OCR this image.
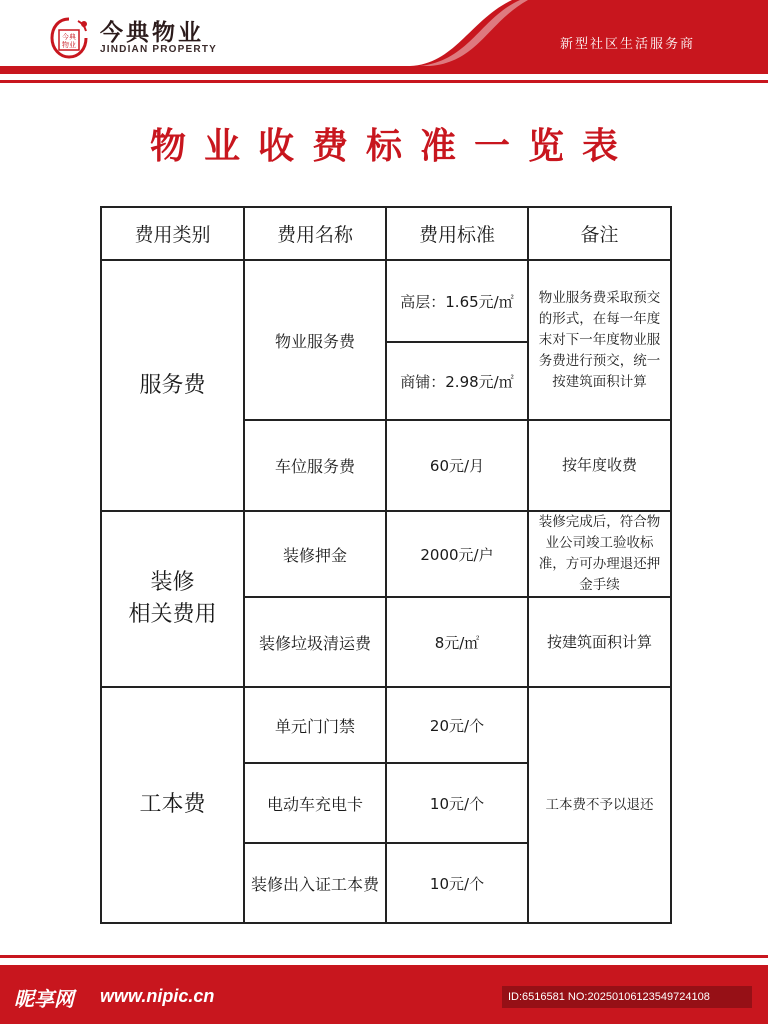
今典
物业 今典物业
JINDIAN PROPERTY	新型社区生活服务商
物业收费标准一览表
费用类别	费用名称	费用标准	备注
服务费	物业服务费	高层：1.65元/㎡	物业服务费采取预交的形式，在每一年度末对下一年度物业服务费进行预交，统一按建筑面积计算
		商铺：2.98元/㎡	
	车位服务费	60元/月	按年度收费
装修
相关费用	装修押金	2000元/户	装修完成后，符合物业公司竣工验收标准，方可办理退还押金手续
	装修垃圾清运费	8元/㎡	按建筑面积计算
工本费	单元门门禁	20元/个	工本费不予以退还
	电动车充电卡	10元/个	
	装修出入证工本费	10元/个	
昵享网 www.nipic.cn	ID:6516581 NO:20250106123549724108
